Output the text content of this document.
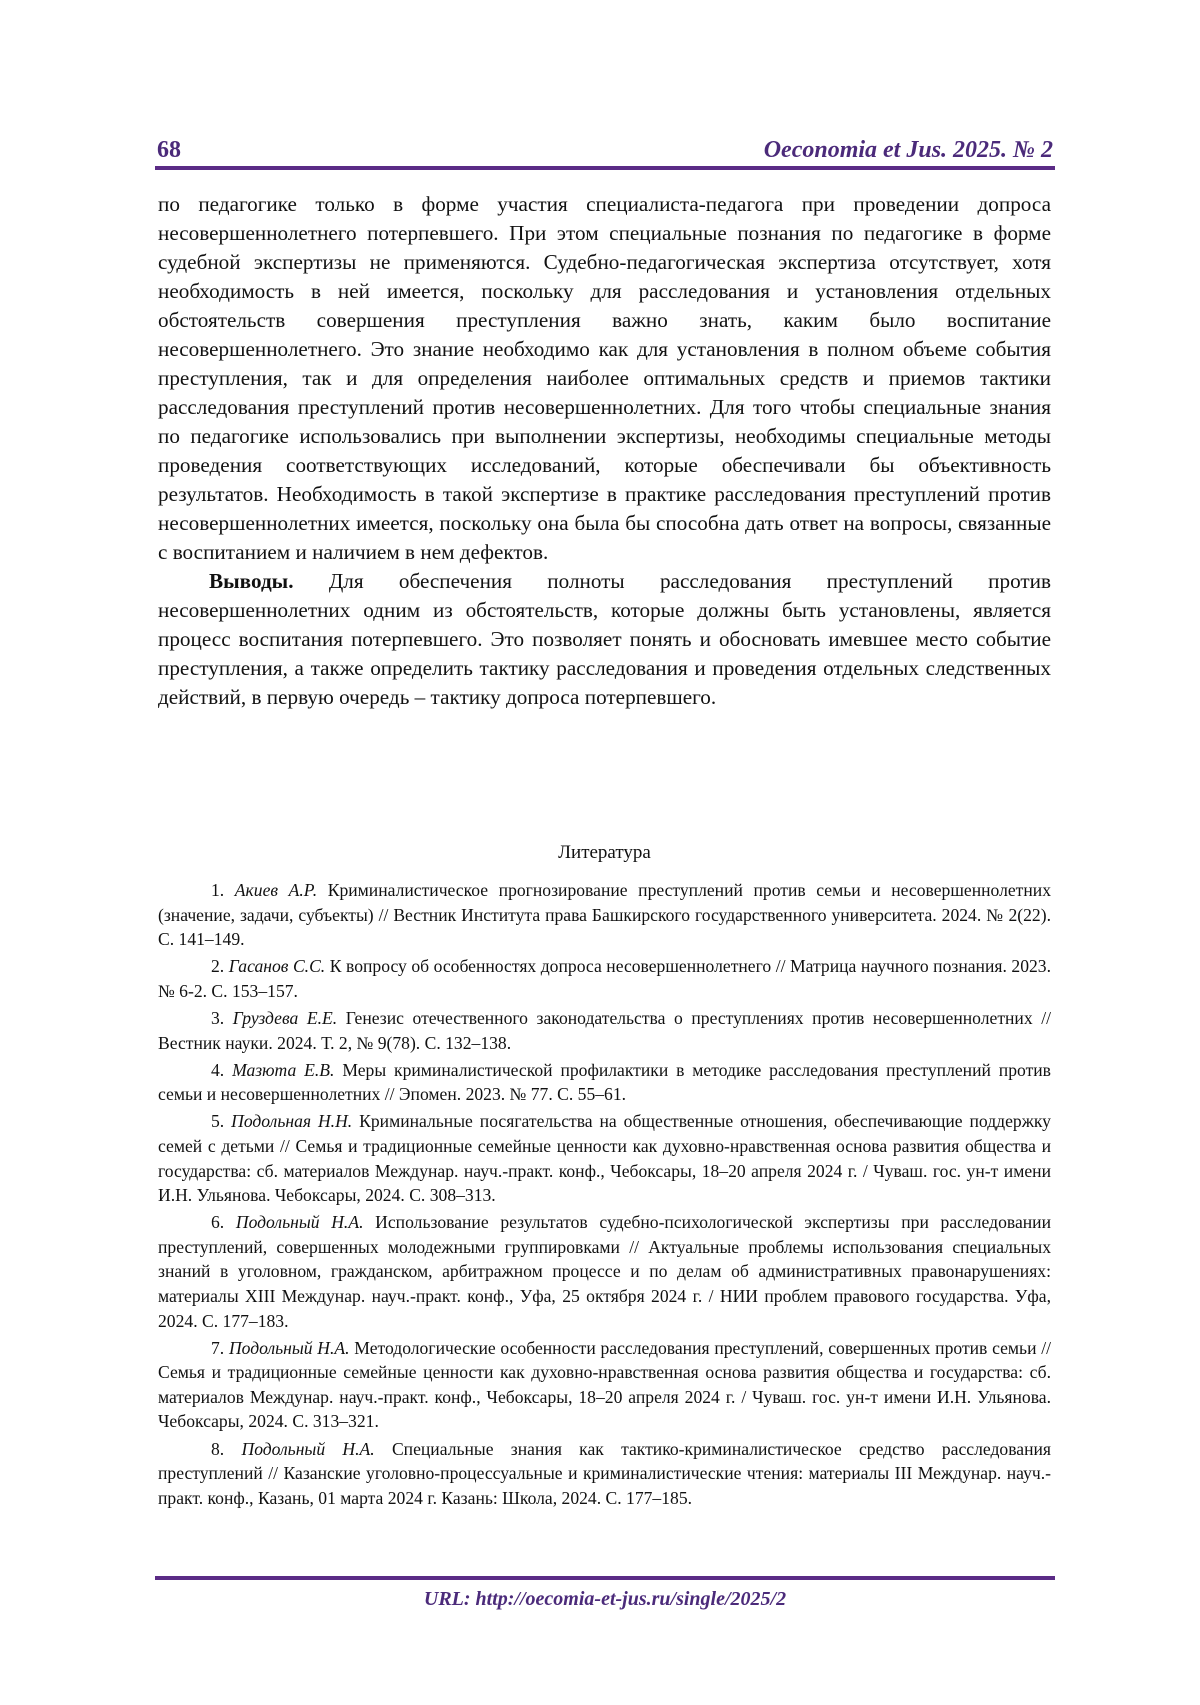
68	Oeconomia et Jus. 2025. № 2

по педагогике только в форме участия специалиста-педагога при проведении допроса несовершеннолетнего потерпевшего. При этом специальные познания по педагогике в форме судебной экспертизы не применяются. Судебно-педагогическая экспертиза отсутствует, хотя необходимость в ней имеется, поскольку для расследования и установления отдельных обстоятельств совершения преступления важно знать, каким было воспитание несовершеннолетнего. Это знание необходимо как для установления в полном объеме события преступления, так и для определения наиболее оптимальных средств и приемов тактики расследования преступлений против несовершеннолетних. Для того чтобы специальные знания по педагогике использовались при выполнении экспертизы, необходимы специальные методы проведения соответствующих исследований, которые обеспечивали бы объективность результатов. Необходимость в такой экспертизе в практике расследования преступлений против несовершеннолетних имеется, поскольку она была бы способна дать ответ на вопросы, связанные с воспитанием и наличием в нем дефектов.

Выводы. Для обеспечения полноты расследования преступлений против несовершеннолетних одним из обстоятельств, которые должны быть установлены, является процесс воспитания потерпевшего. Это позволяет понять и обосновать имевшее место событие преступления, а также определить тактику расследования и проведения отдельных следственных действий, в первую очередь – тактику допроса потерпевшего.

Литература

1. Акиев А.Р. Криминалистическое прогнозирование преступлений против семьи и несовершеннолетних (значение, задачи, субъекты) // Вестник Института права Башкирского государственного университета. 2024. № 2(22). С. 141–149.

2. Гасанов С.С. К вопросу об особенностях допроса несовершеннолетнего // Матрица научного познания. 2023. № 6-2. С. 153–157.

3. Груздева Е.Е. Генезис отечественного законодательства о преступлениях против несовершеннолетних // Вестник науки. 2024. Т. 2, № 9(78). С. 132–138.

4. Мазюта Е.В. Меры криминалистической профилактики в методике расследования преступлений против семьи и несовершеннолетних // Эпомен. 2023. № 77. С. 55–61.

5. Подольная Н.Н. Криминальные посягательства на общественные отношения, обеспечивающие поддержку семей с детьми // Семья и традиционные семейные ценности как духовно-нравственная основа развития общества и государства: сб. материалов Междунар. науч.-практ. конф., Чебоксары, 18–20 апреля 2024 г. / Чуваш. гос. ун-т имени И.Н. Ульянова. Чебоксары, 2024. С. 308–313.

6. Подольный Н.А. Использование результатов судебно-психологической экспертизы при расследовании преступлений, совершенных молодежными группировками // Актуальные проблемы использования специальных знаний в уголовном, гражданском, арбитражном процессе и по делам об административных правонарушениях: материалы XIII Междунар. науч.-практ. конф., Уфа, 25 октября 2024 г. / НИИ проблем правового государства. Уфа, 2024. С. 177–183.

7. Подольный Н.А. Методологические особенности расследования преступлений, совершенных против семьи // Семья и традиционные семейные ценности как духовно-нравственная основа развития общества и государства: сб. материалов Междунар. науч.-практ. конф., Чебоксары, 18–20 апреля 2024 г. / Чуваш. гос. ун-т имени И.Н. Ульянова. Чебоксары, 2024. С. 313–321.

8. Подольный Н.А. Специальные знания как тактико-криминалистическое средство расследования преступлений // Казанские уголовно-процессуальные и криминалистические чтения: материалы III Междунар. науч.-практ. конф., Казань, 01 марта 2024 г. Казань: Школа, 2024. С. 177–185.

URL: http://oecomia-et-jus.ru/single/2025/2
